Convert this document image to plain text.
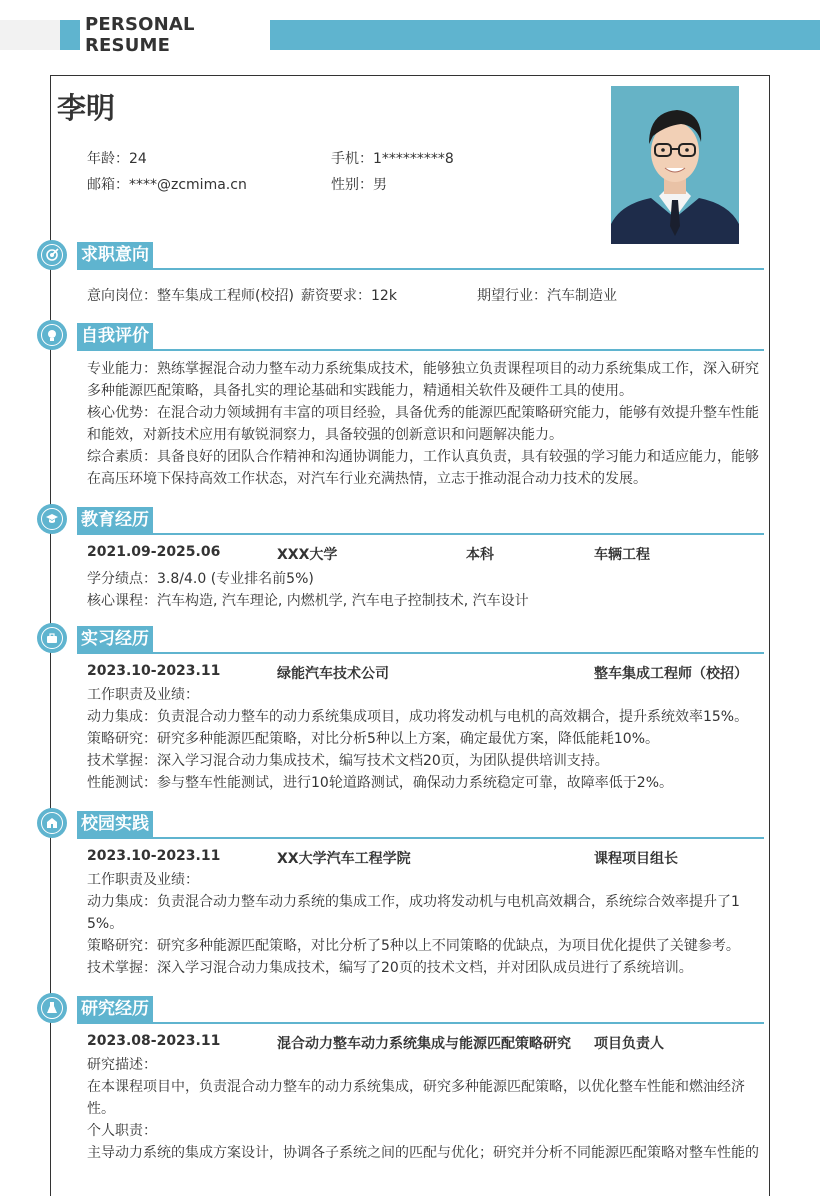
PERSONAL RESUME
李明
年龄：24	手机：1*********8
邮箱：****@zcmima.cn	性别：男
求职意向
意向岗位：整车集成工程师(校招) 薪资要求：12k	期望行业：汽车制造业
自我评价
专业能力：熟练掌握混合动力整车动力系统集成技术，能够独立负责课程项目的动力系统集成工作，深入研究
多种能源匹配策略，具备扎实的理论基础和实践能力，精通相关软件及硬件工具的使用。
核心优势：在混合动力领域拥有丰富的项目经验，具备优秀的能源匹配策略研究能力，能够有效提升整车性能
和能效，对新技术应用有敏锐洞察力，具备较强的创新意识和问题解决能力。
综合素质：具备良好的团队合作精神和沟通协调能力，工作认真负责，具有较强的学习能力和适应能力，能够
在高压环境下保持高效工作状态，对汽车行业充满热情，立志于推动混合动力技术的发展。
教育经历
2021.09-2025.06	XXX大学	本科	车辆工程
学分绩点：3.8/4.0 (专业排名前5%)
核心课程：汽车构造, 汽车理论, 内燃机学, 汽车电子控制技术, 汽车设计
实习经历
2023.10-2023.11	绿能汽车技术公司	整车集成工程师（校招）
工作职责及业绩：
动力集成：负责混合动力整车的动力系统集成项目，成功将发动机与电机的高效耦合，提升系统效率15%。
策略研究：研究多种能源匹配策略，对比分析5种以上方案，确定最优方案，降低能耗10%。
技术掌握：深入学习混合动力集成技术，编写技术文档20页，为团队提供培训支持。
性能测试：参与整车性能测试，进行10轮道路测试，确保动力系统稳定可靠，故障率低于2%。
校园实践
2023.10-2023.11	XX大学汽车工程学院	课程项目组长
工作职责及业绩：
动力集成：负责混合动力整车动力系统的集成工作，成功将发动机与电机高效耦合，系统综合效率提升了1
5%。
策略研究：研究多种能源匹配策略，对比分析了5种以上不同策略的优缺点，为项目优化提供了关键参考。
技术掌握：深入学习混合动力集成技术，编写了20页的技术文档，并对团队成员进行了系统培训。
研究经历
2023.08-2023.11	混合动力整车动力系统集成与能源匹配策略研究 项目负责人
研究描述：
在本课程项目中，负责混合动力整车的动力系统集成，研究多种能源匹配策略，以优化整车性能和燃油经济
性。
个人职责：
主导动力系统的集成方案设计，协调各子系统之间的匹配与优化；研究并分析不同能源匹配策略对整车性能的
